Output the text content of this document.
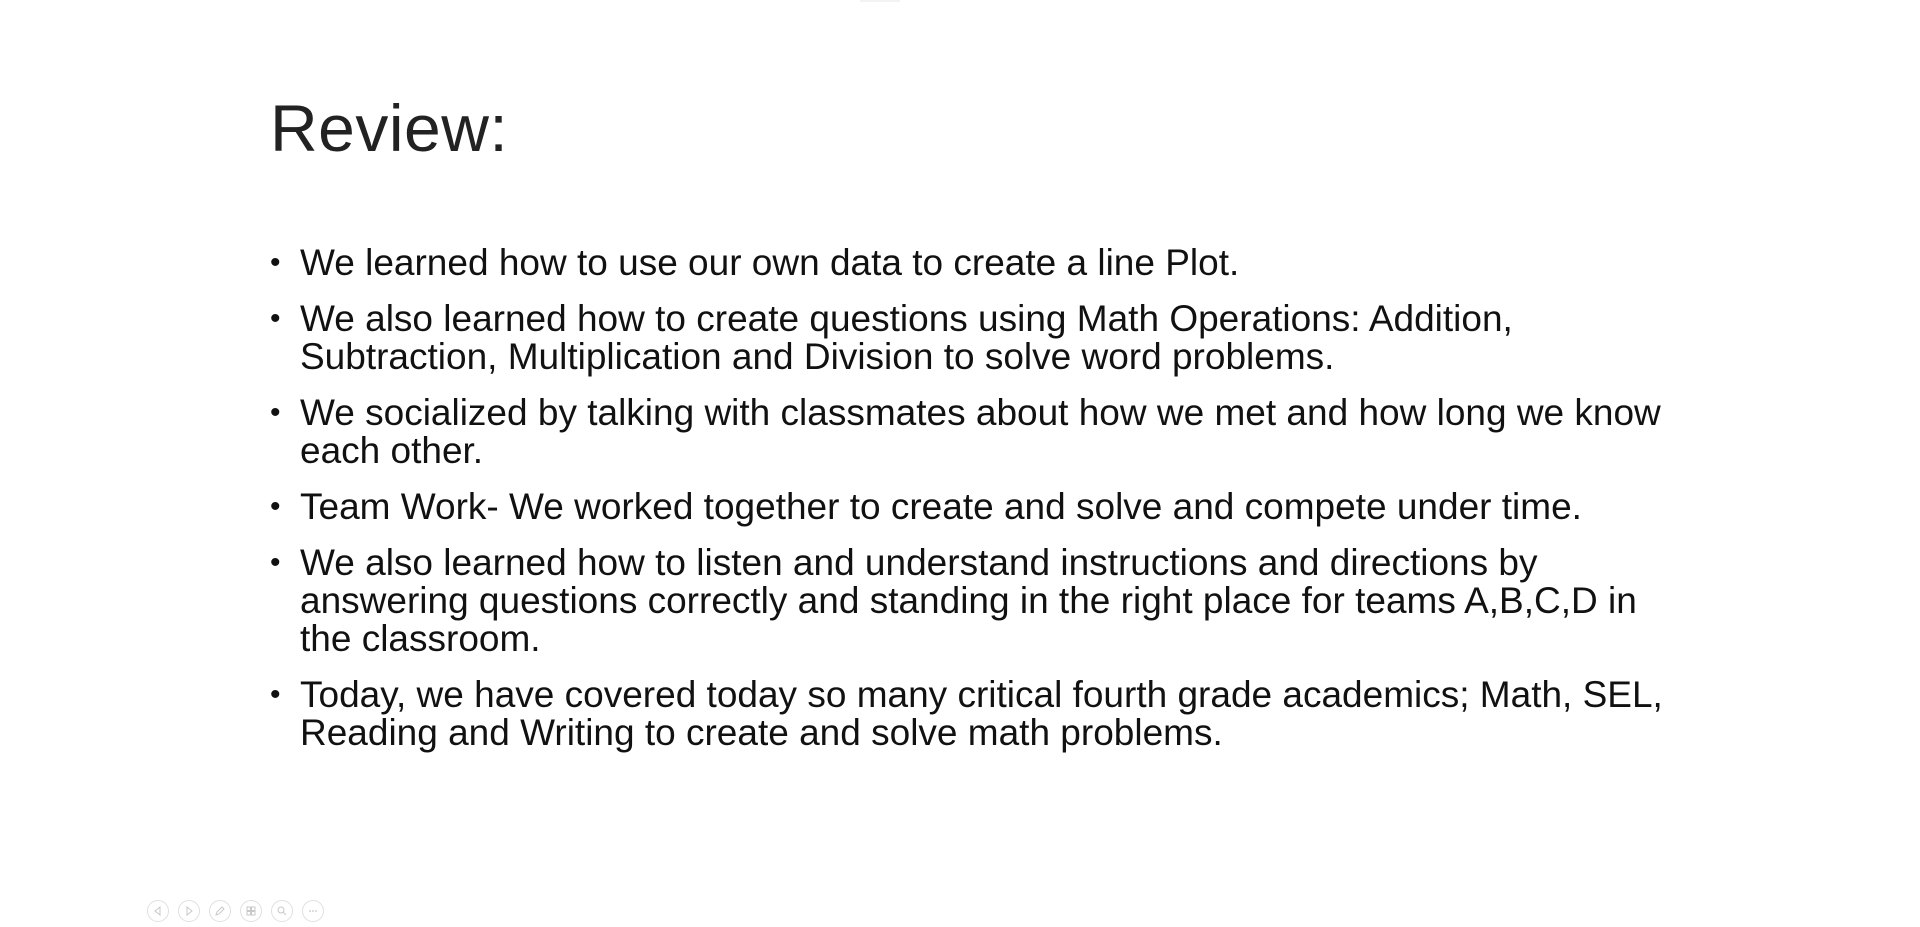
Review:
• We learned how to use our own data to create a line Plot.
• We also learned how to create questions using Math Operations: Addition, Subtraction, Multiplication and Division to solve word problems.
• We socialized by talking with classmates about how we met and how long we know each other.
• Team Work- We worked together to create and solve and compete under time.
• We also learned how to listen and understand instructions and directions by answering questions correctly and standing in the right place for teams A,B,C,D in the classroom.
• Today, we have covered today so many critical fourth grade academics; Math, SEL, Reading and Writing to create and solve math problems.
